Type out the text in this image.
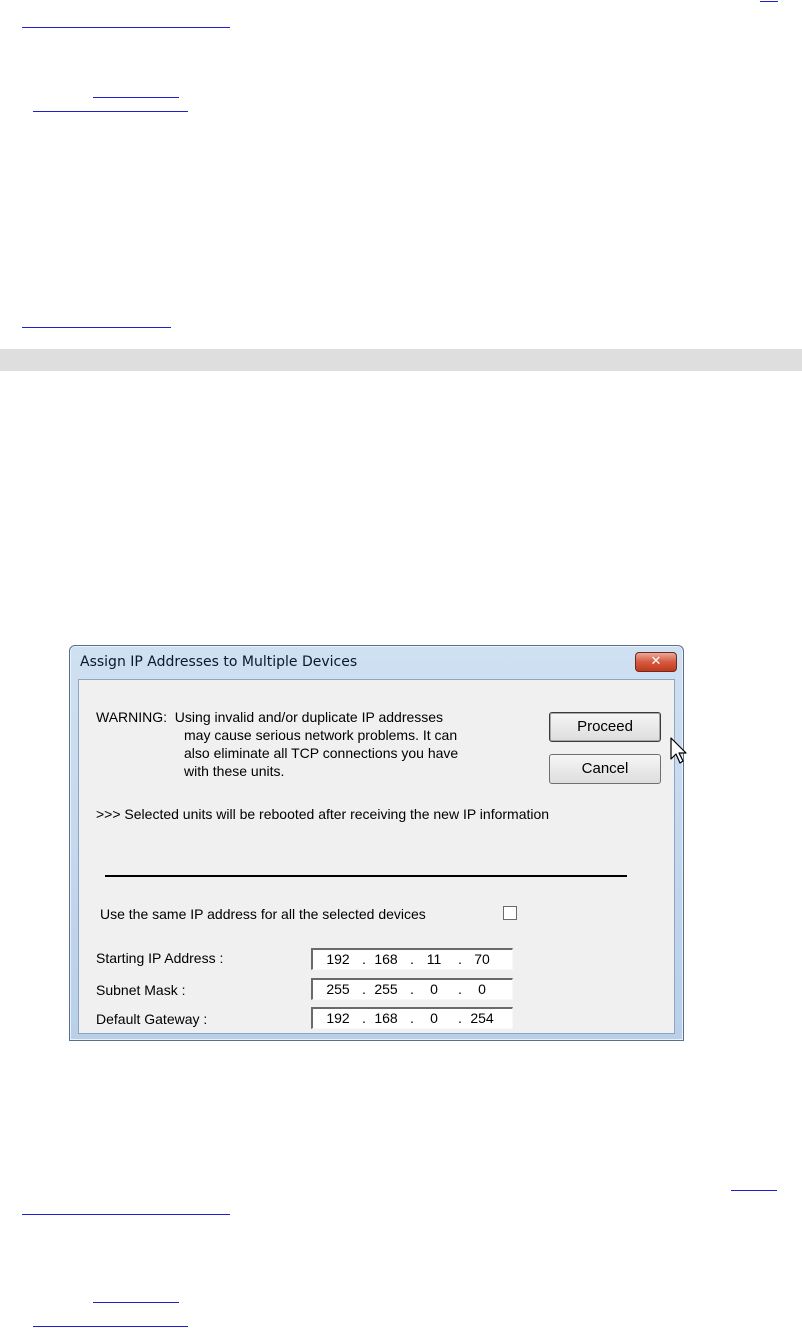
Assign IP Addresses to Multiple Devices	✕
WARNING:  Using invalid and/or duplicate IP addresses
may cause serious network problems. It can
also eliminate all TCP connections you have
with these units.
Proceed
Cancel
>>> Selected units will be rebooted after receiving the new IP information
Use the same IP address for all the selected devices
Starting IP Address :	192 . 168 . 11	. 70
Subnet Mask :	255 . 255 .	0	.	0
Default Gateway :	192 . 168 .	0	. 254
